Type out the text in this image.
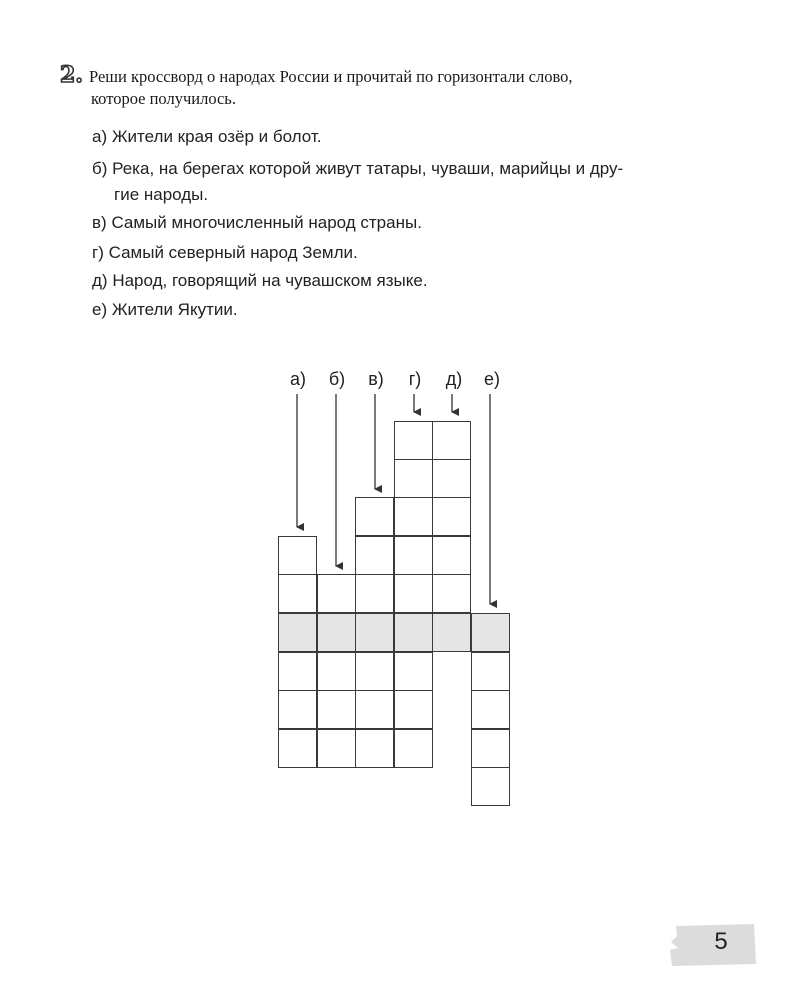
2. Реши кроссворд о народах России и прочитай по горизонтали слово,
которое получилось.
а) Жители края озёр и болот.
б) Река, на берегах которой живут татары, чуваши, марийцы и дру-
гие народы.
в) Самый многочисленный народ страны.
г) Самый северный народ Земли.
д) Народ, говорящий на чувашском языке.
е) Жители Якутии.
а)	б)	в)	г)	д)	е)
5
